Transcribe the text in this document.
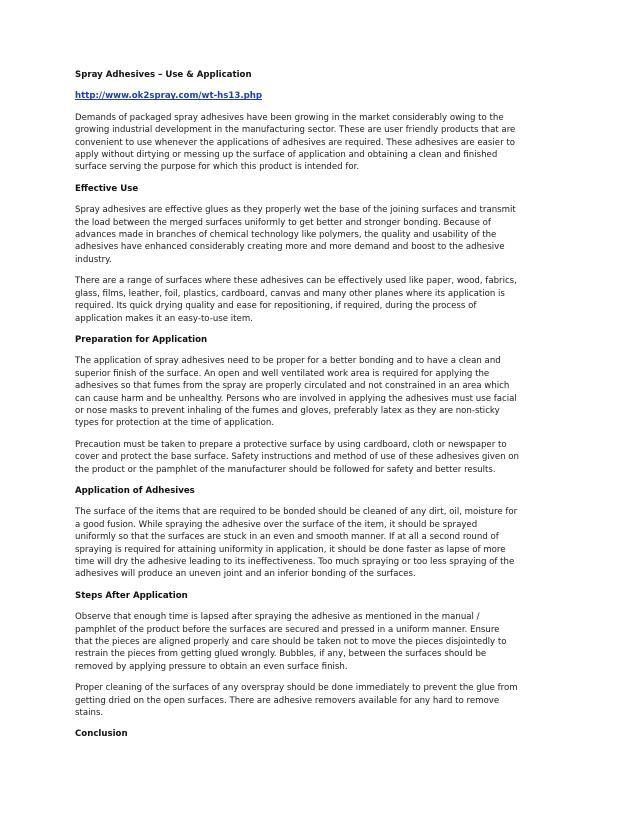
Spray Adhesives – Use & Application
http://www.ok2spray.com/wt-hs13.php

Demands of packaged spray adhesives have been growing in the market considerably owing to the
growing industrial development in the manufacturing sector. These are user friendly products that are
convenient to use whenever the applications of adhesives are required. These adhesives are easier to
apply without dirtying or messing up the surface of application and obtaining a clean and finished
surface serving the purpose for which this product is intended for.

Effective Use

Spray adhesives are effective glues as they properly wet the base of the joining surfaces and transmit
the load between the merged surfaces uniformly to get better and stronger bonding. Because of
advances made in branches of chemical technology like polymers, the quality and usability of the
adhesives have enhanced considerably creating more and more demand and boost to the adhesive
industry.

There are a range of surfaces where these adhesives can be effectively used like paper, wood, fabrics,
glass, films, leather, foil, plastics, cardboard, canvas and many other planes where its application is
required. Its quick drying quality and ease for repositioning, if required, during the process of
application makes it an easy-to-use item.

Preparation for Application

The application of spray adhesives need to be proper for a better bonding and to have a clean and
superior finish of the surface. An open and well ventilated work area is required for applying the
adhesives so that fumes from the spray are properly circulated and not constrained in an area which
can cause harm and be unhealthy. Persons who are involved in applying the adhesives must use facial
or nose masks to prevent inhaling of the fumes and gloves, preferably latex as they are non-sticky
types for protection at the time of application.

Precaution must be taken to prepare a protective surface by using cardboard, cloth or newspaper to
cover and protect the base surface. Safety instructions and method of use of these adhesives given on
the product or the pamphlet of the manufacturer should be followed for safety and better results.

Application of Adhesives

The surface of the items that are required to be bonded should be cleaned of any dirt, oil, moisture for
a good fusion. While spraying the adhesive over the surface of the item, it should be sprayed
uniformly so that the surfaces are stuck in an even and smooth manner. If at all a second round of
spraying is required for attaining uniformity in application, it should be done faster as lapse of more
time will dry the adhesive leading to its ineffectiveness. Too much spraying or too less spraying of the
adhesives will produce an uneven joint and an inferior bonding of the surfaces.

Steps After Application

Observe that enough time is lapsed after spraying the adhesive as mentioned in the manual /
pamphlet of the product before the surfaces are secured and pressed in a uniform manner. Ensure
that the pieces are aligned properly and care should be taken not to move the pieces disjointedly to
restrain the pieces from getting glued wrongly. Bubbles, if any, between the surfaces should be
removed by applying pressure to obtain an even surface finish.

Proper cleaning of the surfaces of any overspray should be done immediately to prevent the glue from
getting dried on the open surfaces. There are adhesive removers available for any hard to remove
stains.

Conclusion
